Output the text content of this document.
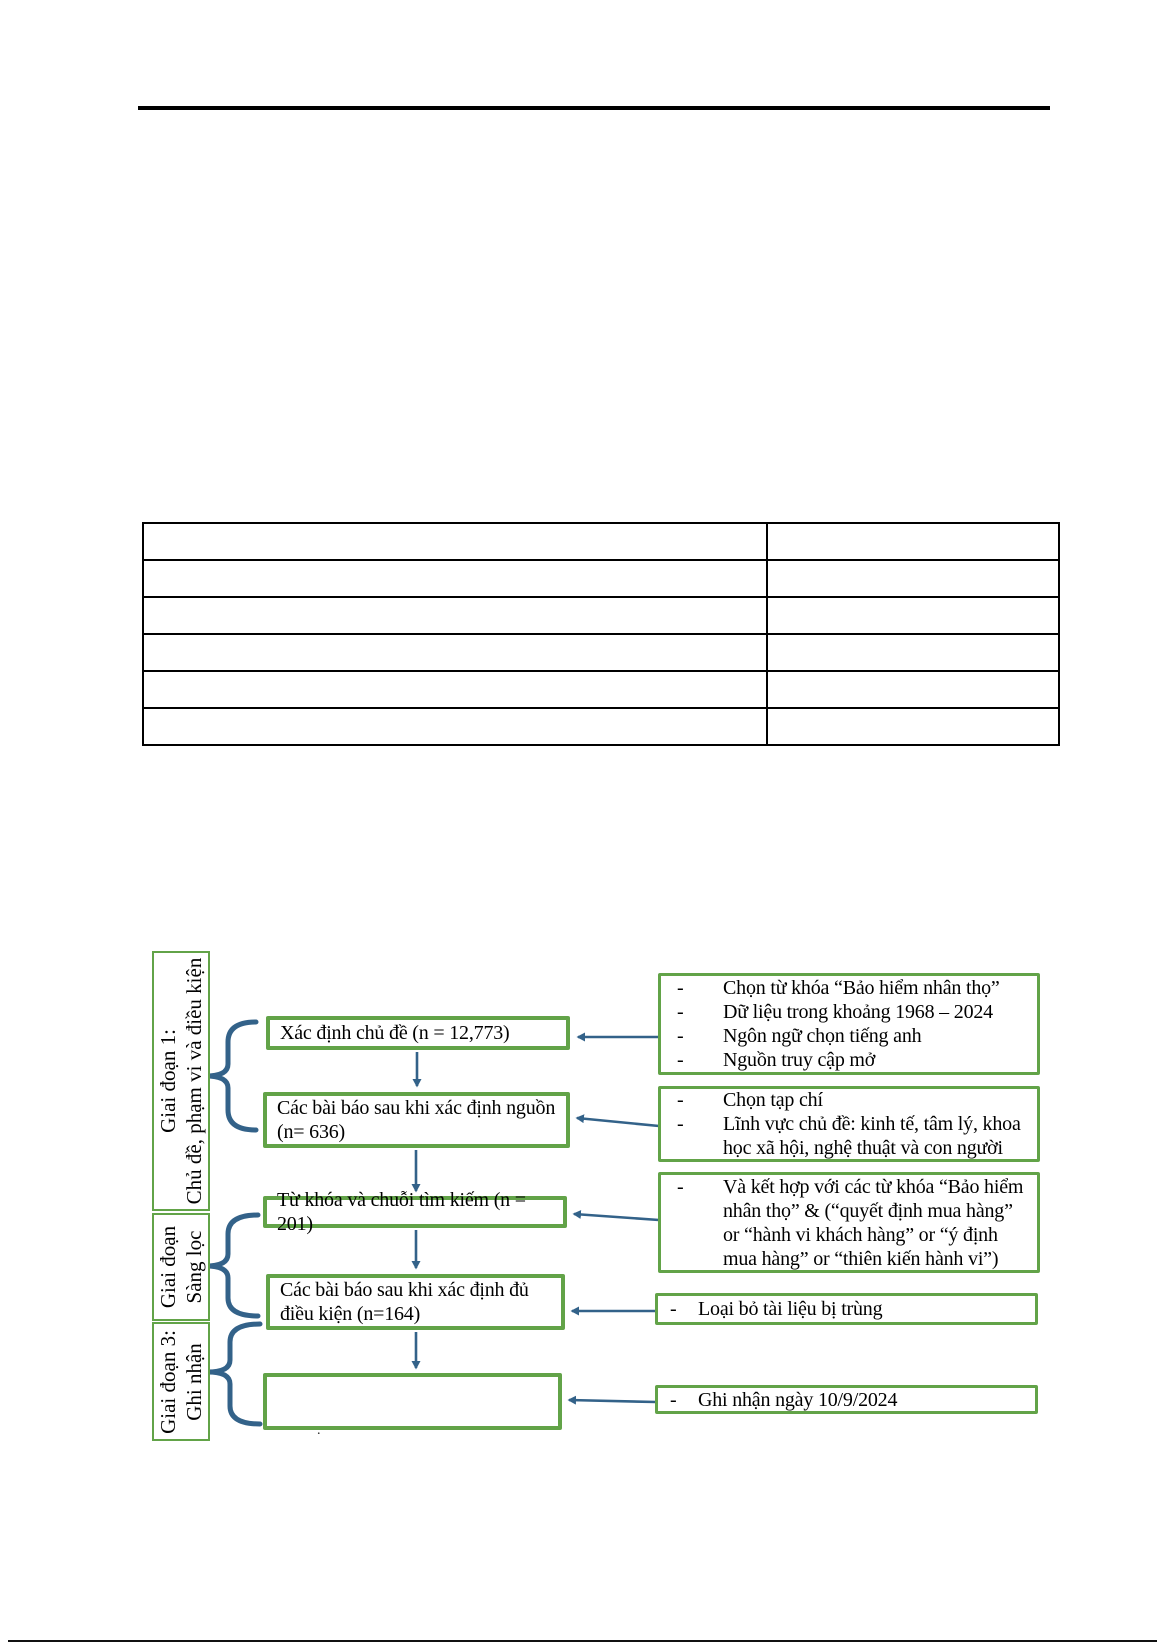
Giai đoạn 1: Chủ đề, phạm vi và điều kiện
Giai đoạn Sàng lọc
Giai đoạn 3: Ghi nhận
Xác định chủ đề (n = 12,773)
Các bài báo sau khi xác định nguồn (n= 636)
Từ khóa và chuỗi tìm kiếm (n = 201)
Các bài báo sau khi xác định đủ điều kiện (n=164)
.
-	Chọn từ khóa “Bảo hiểm nhân thọ”
-	Dữ liệu trong khoảng 1968 – 2024
-	Ngôn ngữ chọn tiếng anh
-	Nguồn truy cập mở
-	Chọn tạp chí
-	Lĩnh vực chủ đề: kinh tế, tâm lý, khoa học xã hội, nghệ thuật và con người
-	Và kết hợp với các từ khóa “Bảo hiểm nhân thọ” & (“quyết định mua hàng” or “hành vi khách hàng” or “ý định mua hàng” or “thiên kiến hành vi”)
-	Loại bỏ tài liệu bị trùng
-	Ghi nhận ngày 10/9/2024
